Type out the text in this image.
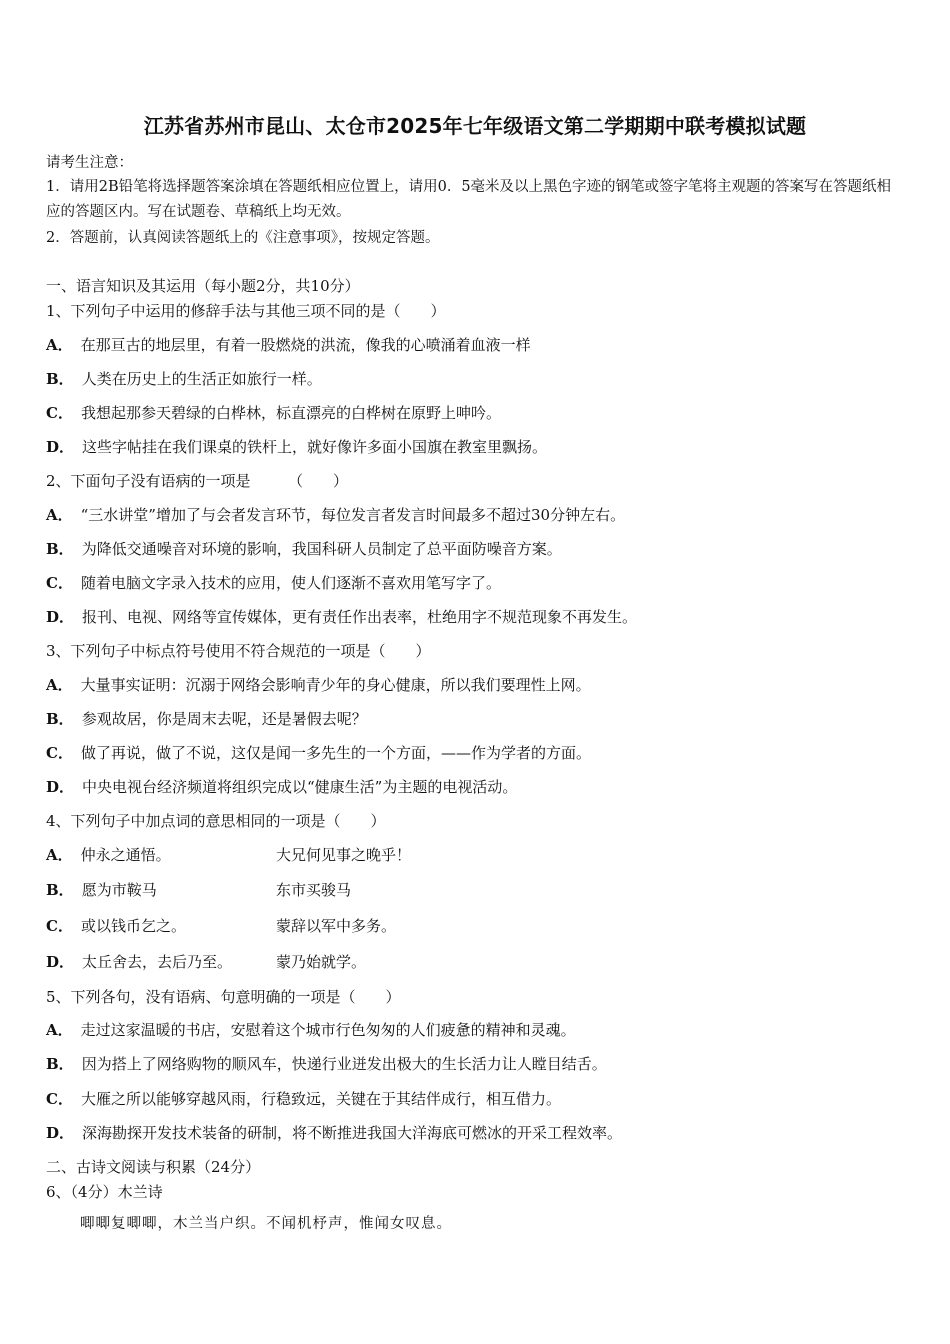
江苏省苏州市昆山、太仓市2025年七年级语文第二学期期中联考模拟试题
请考生注意：
1．请用2B铅笔将选择题答案涂填在答题纸相应位置上，请用0．5毫米及以上黑色字迹的钢笔或签字笔将主观题的答案写在答题纸相应的答题区内。写在试题卷、草稿纸上均无效。
2．答题前，认真阅读答题纸上的《注意事项》，按规定答题。
一、语言知识及其运用（每小题2分，共10分）
1、下列句子中运用的修辞手法与其他三项不同的是（　　）
A． 在那亘古的地层里，有着一股燃烧的洪流，像我的心喷涌着血液一样
B． 人类在历史上的生活正如旅行一样。
C． 我想起那参天碧绿的白桦林，标直漂亮的白桦树在原野上呻吟。
D． 这些字帖挂在我们课桌的铁杆上，就好像许多面小国旗在教室里飘扬。
2、下面句子没有语病的一项是　　　（　　）
A． “三水讲堂”增加了与会者发言环节，每位发言者发言时间最多不超过30分钟左右。
B． 为降低交通噪音对环境的影响，我国科研人员制定了总平面防噪音方案。
C． 随着电脑文字录入技术的应用，使人们逐渐不喜欢用笔写字了。
D． 报刊、电视、网络等宣传媒体，更有责任作出表率，杜绝用字不规范现象不再发生。
3、下列句子中标点符号使用不符合规范的一项是（　　）
A． 大量事实证明：沉溺于网络会影响青少年的身心健康，所以我们要理性上网。
B． 参观故居，你是周末去呢，还是暑假去呢？
C． 做了再说，做了不说，这仅是闻一多先生的一个方面，——作为学者的方面。
D． 中央电视台经济频道将组织完成以“健康生活”为主题的电视活动。
4、下列句子中加点词的意思相同的一项是（　　）
A． 仲永之通悟。	大兄何见事之晚乎！
B． 愿为市鞍马	东市买骏马
C． 或以钱币乞之。	蒙辞以军中多务。
D． 太丘舍去，去后乃至。	蒙乃始就学。
5、下列各句，没有语病、句意明确的一项是（　　）
A． 走过这家温暖的书店，安慰着这个城市行色匆匆的人们疲惫的精神和灵魂。
B． 因为搭上了网络购物的顺风车，快递行业迸发出极大的生长活力让人瞠目结舌。
C． 大雁之所以能够穿越风雨，行稳致远，关键在于其结伴成行，相互借力。
D． 深海勘探开发技术装备的研制，将不断推进我国大洋海底可燃冰的开采工程效率。
二、古诗文阅读与积累（24分）
6、（4分）木兰诗
唧唧复唧唧，木兰当户织。不闻机杼声，惟闻女叹息。
